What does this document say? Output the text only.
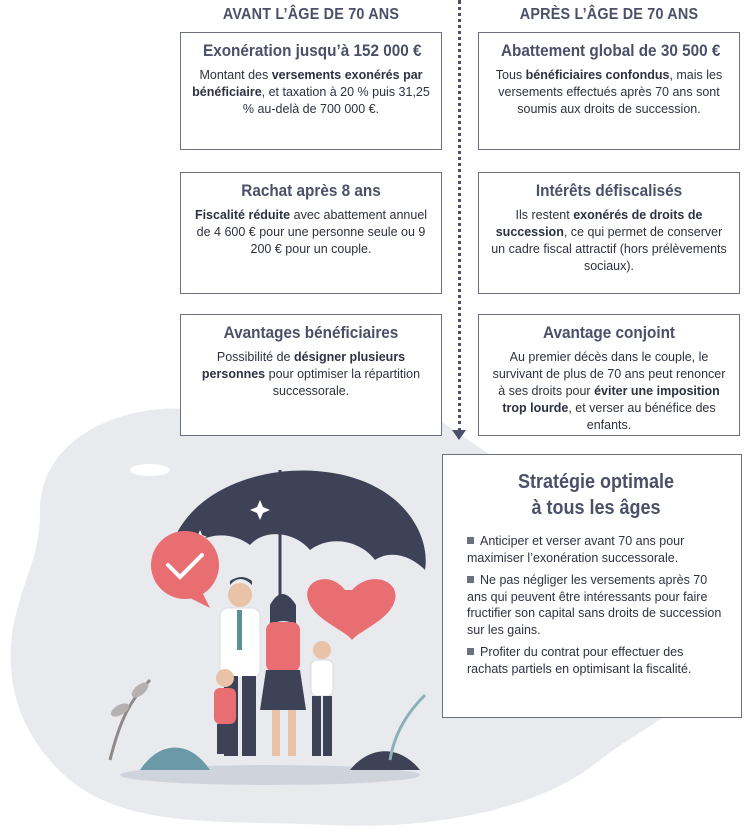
AVANT L’ÂGE DE 70 ANS	APRÈS L’ÂGE DE 70 ANS
Exonération jusqu’à 152 000 €

Montant des versements exonérés par bénéficiaire, et taxation à 20 % puis 31,25 % au-delà de 700 000 €.

Abattement global de 30 500 €

Tous bénéficiaires confondus, mais les versements effectués après 70 ans sont soumis aux droits de succession.

Rachat après 8 ans

Fiscalité réduite avec abattement annuel de 4 600 € pour une personne seule ou 9 200 € pour un couple.

Intérêts défiscalisés

Ils restent exonérés de droits de succession, ce qui permet de conserver un cadre fiscal attractif (hors prélèvements sociaux).

Avantages bénéficiaires

Possibilité de désigner plusieurs personnes pour optimiser la répartition successorale.

Avantage conjoint

Au premier décès dans le couple, le survivant de plus de 70 ans peut renoncer à ses droits pour éviter une imposition trop lourde, et verser au bénéfice des enfants.

Stratégie optimale
à tous les âges
Anticiper et verser avant 70 ans pour maximiser l’exonération successorale.
Ne pas négliger les versements après 70 ans qui peuvent être intéressants pour faire fructifier son capital sans droits de succession sur les gains.
Profiter du contrat pour effectuer des rachats partiels en optimisant la fiscalité.
